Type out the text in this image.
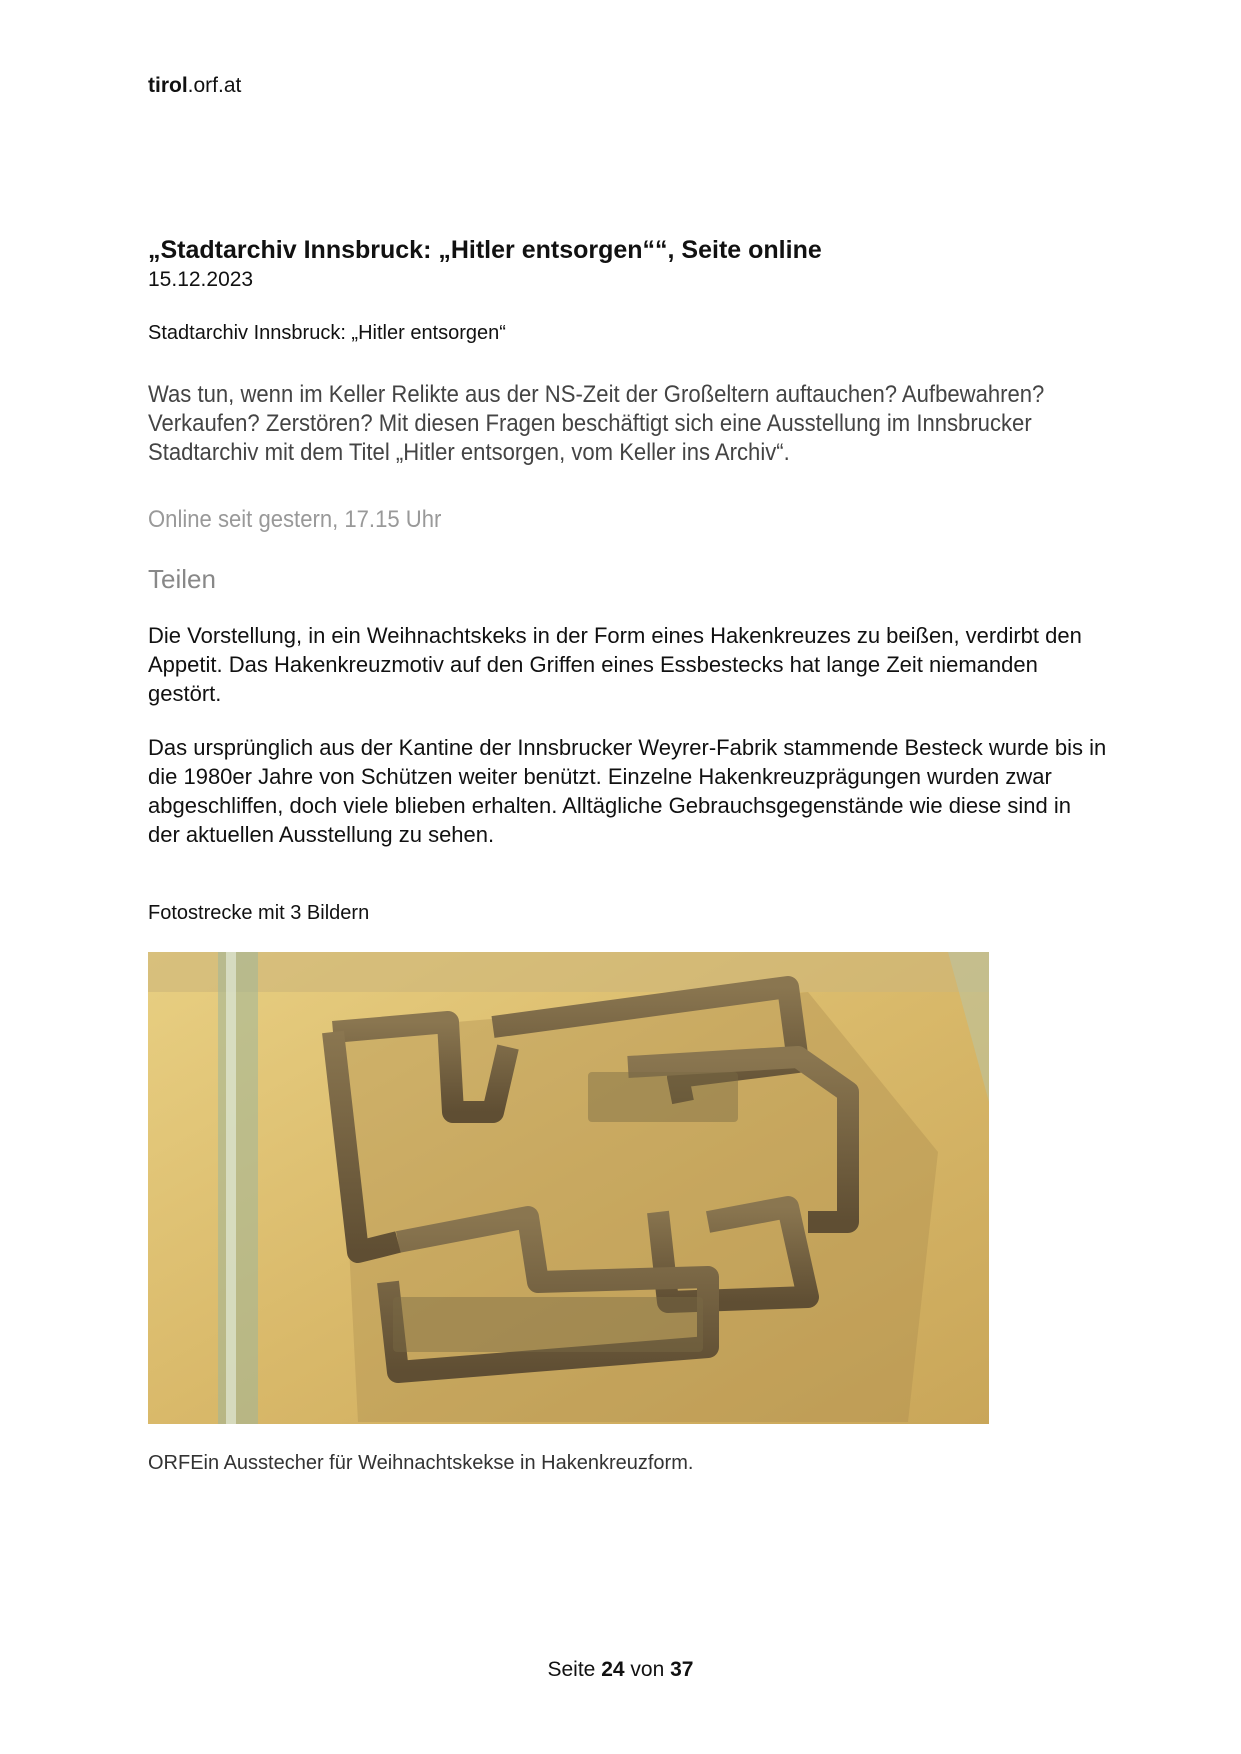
tirol.orf.at
„Stadtarchiv Innsbruck: „Hitler entsorgen““, Seite online
15.12.2023
Stadtarchiv Innsbruck: „Hitler entsorgen“
Was tun, wenn im Keller Relikte aus der NS-Zeit der Großeltern auftauchen? Aufbewahren? Verkaufen? Zerstören? Mit diesen Fragen beschäftigt sich eine Ausstellung im Innsbrucker Stadtarchiv mit dem Titel „Hitler entsorgen, vom Keller ins Archiv“.
Online seit gestern, 17.15 Uhr
Teilen
Die Vorstellung, in ein Weihnachtskeks in der Form eines Hakenkreuzes zu beißen, verdirbt den Appetit. Das Hakenkreuzmotiv auf den Griffen eines Essbestecks hat lange Zeit niemanden gestört.
Das ursprünglich aus der Kantine der Innsbrucker Weyrer-Fabrik stammende Besteck wurde bis in die 1980er Jahre von Schützen weiter benützt. Einzelne Hakenkreuzprägungen wurden zwar abgeschliffen, doch viele blieben erhalten. Alltägliche Gebrauchsgegenstände wie diese sind in der aktuellen Ausstellung zu sehen.
Fotostrecke mit 3 Bildern
ORFEin Ausstecher für Weihnachtskekse in Hakenkreuzform.
Seite 24 von 37
